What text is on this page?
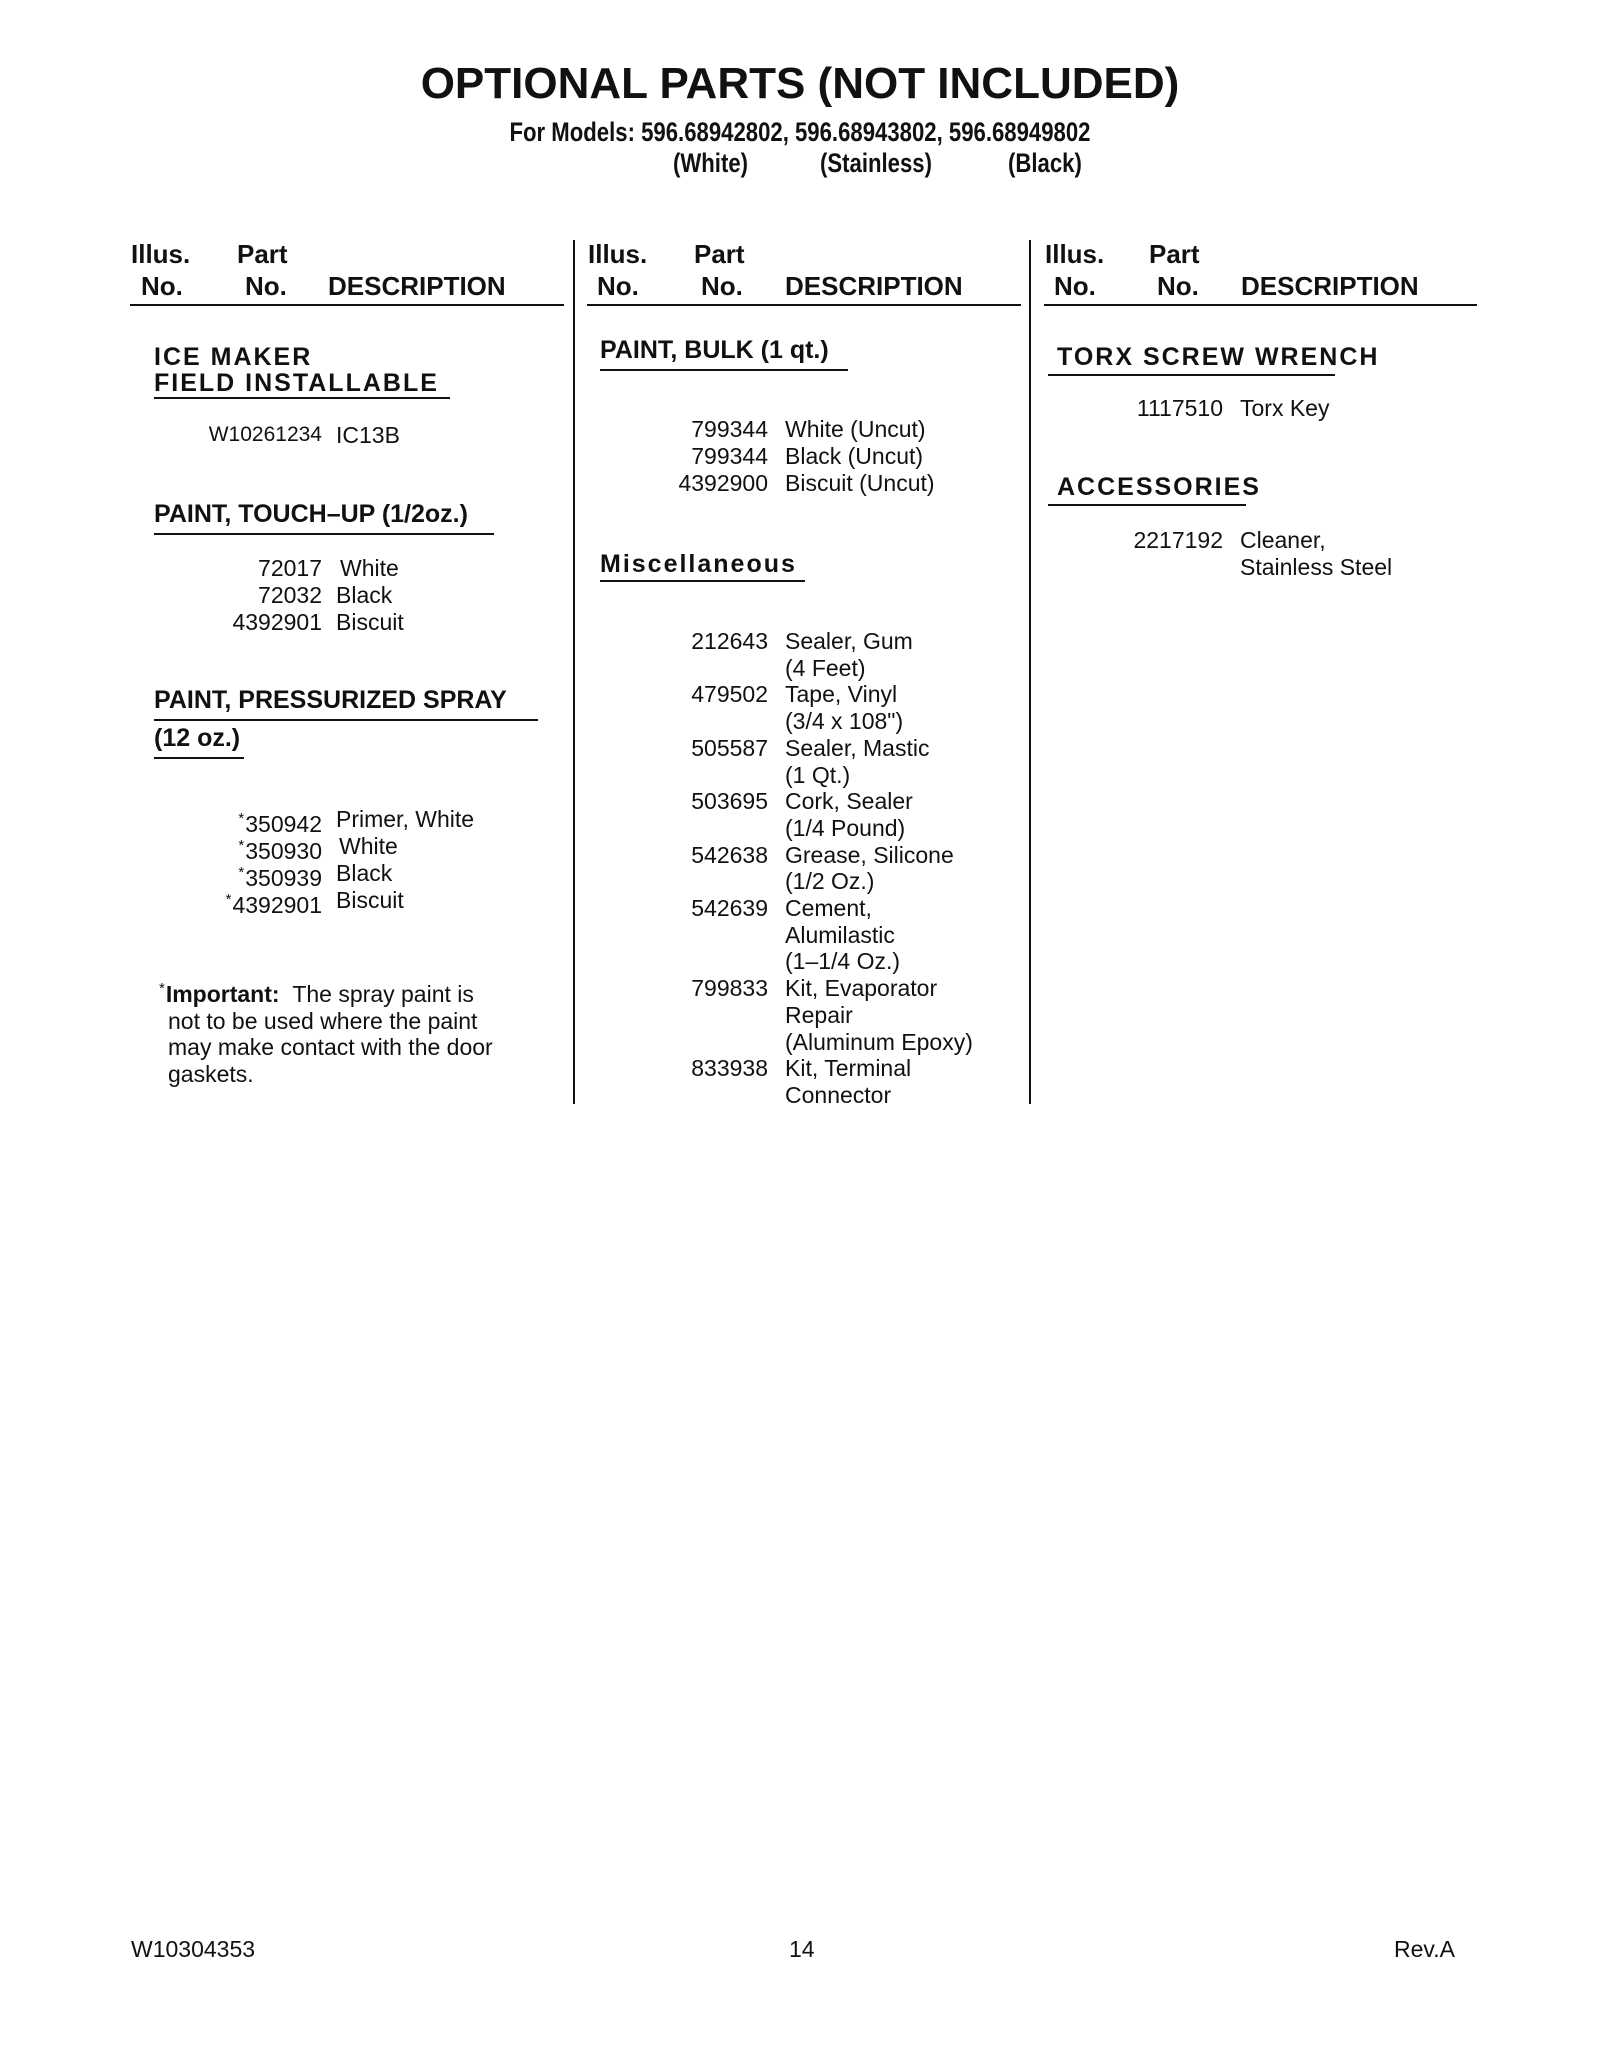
OPTIONAL PARTS (NOT INCLUDED)
For Models: 596.68942802, 596.68943802, 596.68949802
(White)	(Stainless)	(Black)
Illus. Part
No. No. DESCRIPTION
Illus. Part
No. No. DESCRIPTION
Illus. Part
No. No. DESCRIPTION
ICE MAKER
FIELD INSTALLABLE
W10261234 IC13B
PAINT, TOUCH–UP (1/2oz.)
72017 White
72032 Black
4392901 Biscuit
PAINT, PRESSURIZED SPRAY
(12 oz.)
*350942 Primer, White
*350930 White
*350939 Black
*4392901 Biscuit
*Important: The spray paint is
not to be used where the paint
may make contact with the door
gaskets.
PAINT, BULK (1 qt.)
799344 White (Uncut)
799344 Black (Uncut)
4392900 Biscuit (Uncut)
Miscellaneous
212643 Sealer, Gum
(4 Feet)
479502 Tape, Vinyl
(3/4 x 108")
505587 Sealer, Mastic
(1 Qt.)
503695 Cork, Sealer
(1/4 Pound)
542638 Grease, Silicone
(1/2 Oz.)
542639 Cement,
Alumilastic
(1–1/4 Oz.)
799833 Kit, Evaporator
Repair
(Aluminum Epoxy)
833938 Kit, Terminal
Connector
TORX SCREW WRENCH
1117510 Torx Key
ACCESSORIES
2217192 Cleaner,
Stainless Steel
W10304353	14	Rev.A
